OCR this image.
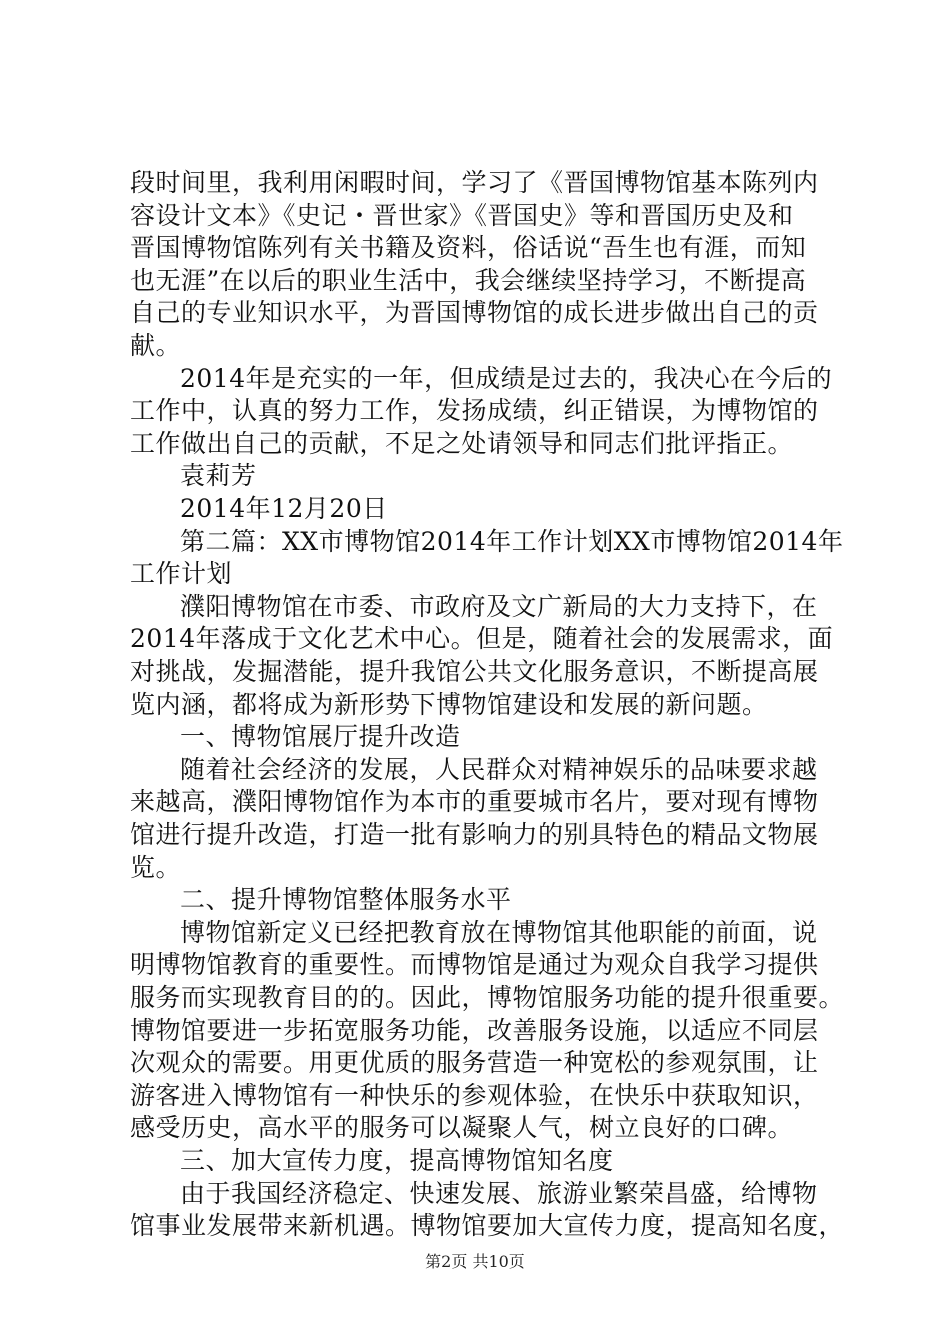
段时间里，我利用闲暇时间，学习了《晋国博物馆基本陈列内
容设计文本》《史记・晋世家》《晋国史》等和晋国历史及和
晋国博物馆陈列有关书籍及资料，俗话说“吾生也有涯，而知
也无涯”在以后的职业生活中，我会继续坚持学习，不断提高
自己的专业知识水平，为晋国博物馆的成长进步做出自己的贡
献。
2014年是充实的一年，但成绩是过去的，我决心在今后的
工作中，认真的努力工作，发扬成绩，纠正错误，为博物馆的
工作做出自己的贡献，不足之处请领导和同志们批评指正。
袁莉芳
2014年12月20日
第二篇：XX市博物馆2014年工作计划XX市博物馆2014年
工作计划
濮阳博物馆在市委、市政府及文广新局的大力支持下，在
2014年落成于文化艺术中心。但是，随着社会的发展需求，面
对挑战，发掘潜能，提升我馆公共文化服务意识，不断提高展
览内涵，都将成为新形势下博物馆建设和发展的新问题。
一、博物馆展厅提升改造
随着社会经济的发展，人民群众对精神娱乐的品味要求越
来越高，濮阳博物馆作为本市的重要城市名片，要对现有博物
馆进行提升改造，打造一批有影响力的别具特色的精品文物展
览。
二、提升博物馆整体服务水平
博物馆新定义已经把教育放在博物馆其他职能的前面，说
明博物馆教育的重要性。而博物馆是通过为观众自我学习提供
服务而实现教育目的的。因此，博物馆服务功能的提升很重要。
博物馆要进一步拓宽服务功能，改善服务设施，以适应不同层
次观众的需要。用更优质的服务营造一种宽松的参观氛围，让
游客进入博物馆有一种快乐的参观体验，在快乐中获取知识，
感受历史，高水平的服务可以凝聚人气，树立良好的口碑。
三、加大宣传力度，提高博物馆知名度
由于我国经济稳定、快速发展、旅游业繁荣昌盛，给博物
馆事业发展带来新机遇。博物馆要加大宣传力度，提高知名度，
第2页 共10页
